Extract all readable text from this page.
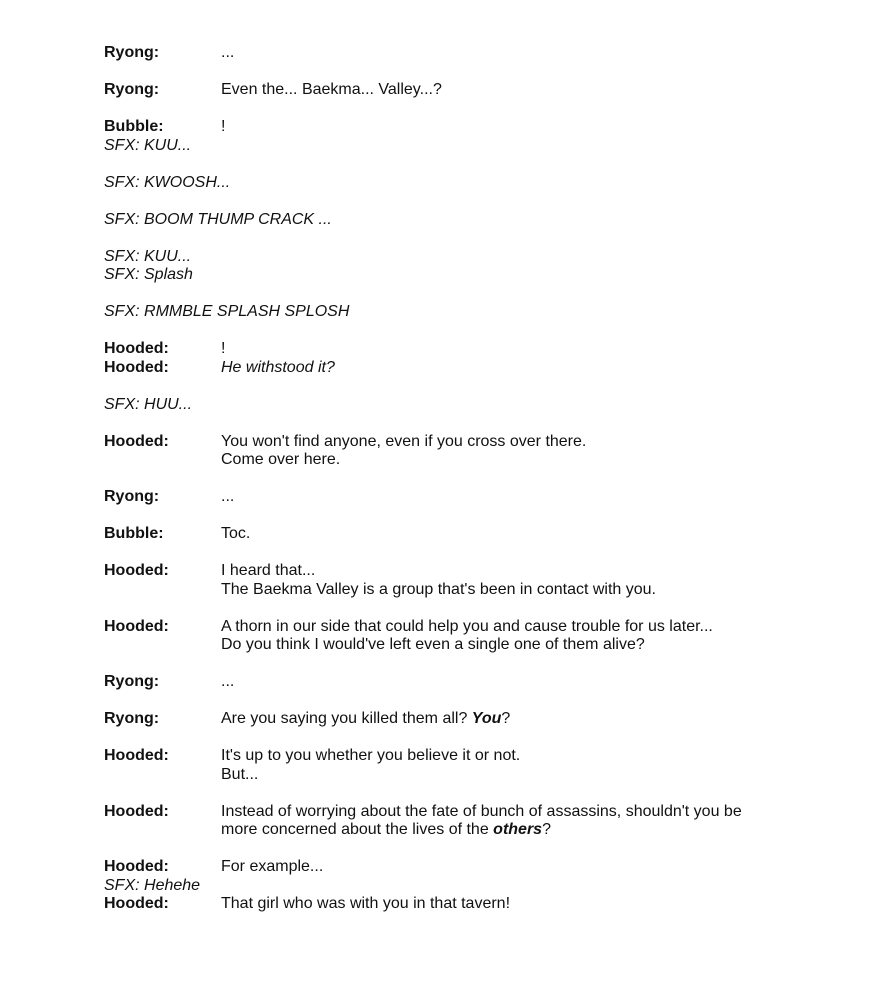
Ryong:	...
Ryong:	Even the... Baekma... Valley...?
Bubble:	!
SFX: KUU...
SFX: KWOOSH...
SFX: BOOM THUMP CRACK ...
SFX: KUU...
SFX: Splash
SFX: RMMBLE SPLASH SPLOSH
Hooded:	!
Hooded:	He withstood it?
SFX: HUU...
Hooded:	You won't find anyone, even if you cross over there.
Come over here.
Ryong:	...
Bubble:	Toc.
Hooded:	I heard that...
The Baekma Valley is a group that's been in contact with you.
Hooded:	A thorn in our side that could help you and cause trouble for us later...
Do you think I would've left even a single one of them alive?
Ryong:	...
Ryong:	Are you saying you killed them all? You?
Hooded:	It's up to you whether you believe it or not.
But...
Hooded:	Instead of worrying about the fate of bunch of assassins, shouldn't you be
more concerned about the lives of the others?
Hooded:	For example...
SFX: Hehehe
Hooded:	That girl who was with you in that tavern!
